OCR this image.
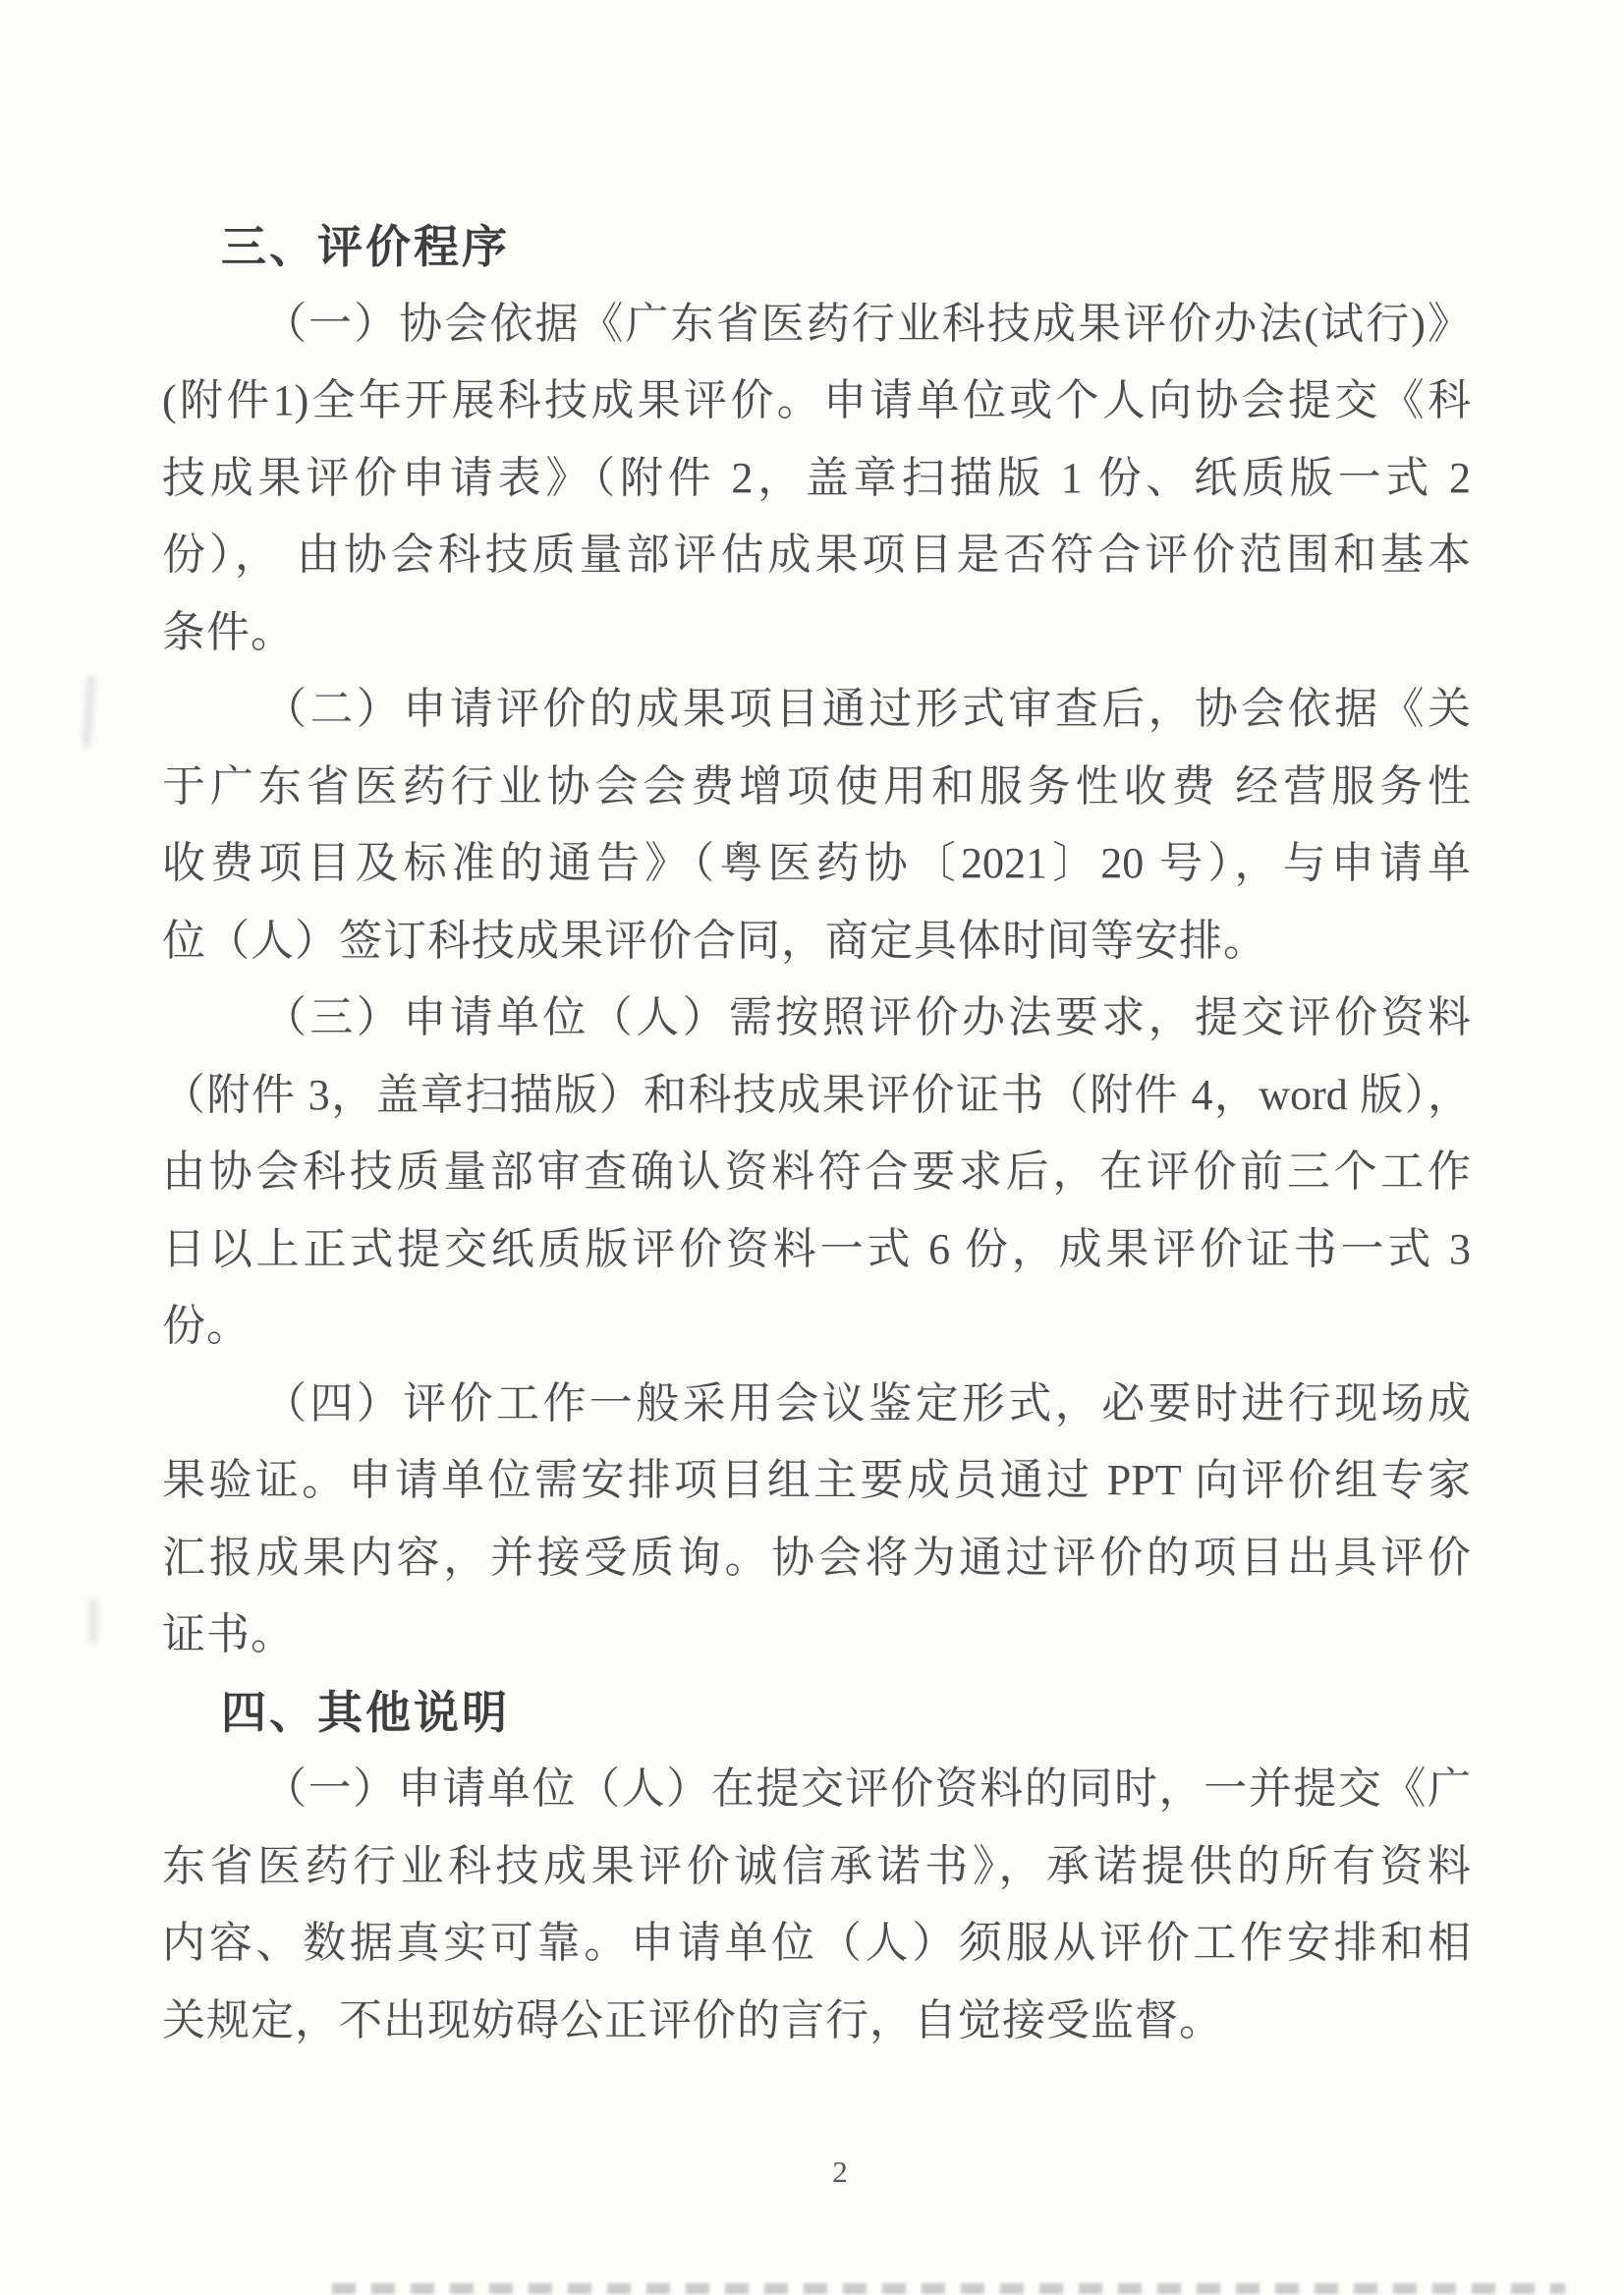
三、评价程序
（一）协会依据《广东省医药行业科技成果评价办法(试行)》
(附件1)全年开展科技成果评价。申请单位或个人向协会提交《科
技成果评价申请表》（附件 2，盖章扫描版 1 份、纸质版一式 2
份）， 由协会科技质量部评估成果项目是否符合评价范围和基本
条件。
（二）申请评价的成果项目通过形式审查后，协会依据《关
于广东省医药行业协会会费增项使用和服务性收费 经营服务性
收费项目及标准的通告》（粤医药协〔2021〕20 号），与申请单
位（人）签订科技成果评价合同，商定具体时间等安排。
（三）申请单位（人）需按照评价办法要求，提交评价资料
（附件 3，盖章扫描版）和科技成果评价证书（附件 4，word 版），
由协会科技质量部审查确认资料符合要求后，在评价前三个工作
日以上正式提交纸质版评价资料一式 6 份，成果评价证书一式 3
份。
（四）评价工作一般采用会议鉴定形式，必要时进行现场成
果验证。申请单位需安排项目组主要成员通过 PPT 向评价组专家
汇报成果内容，并接受质询。协会将为通过评价的项目出具评价
证书。
四、其他说明
（一）申请单位（人）在提交评价资料的同时，一并提交《广
东省医药行业科技成果评价诚信承诺书》，承诺提供的所有资料
内容、数据真实可靠。申请单位（人）须服从评价工作安排和相
关规定，不出现妨碍公正评价的言行，自觉接受监督。
2
